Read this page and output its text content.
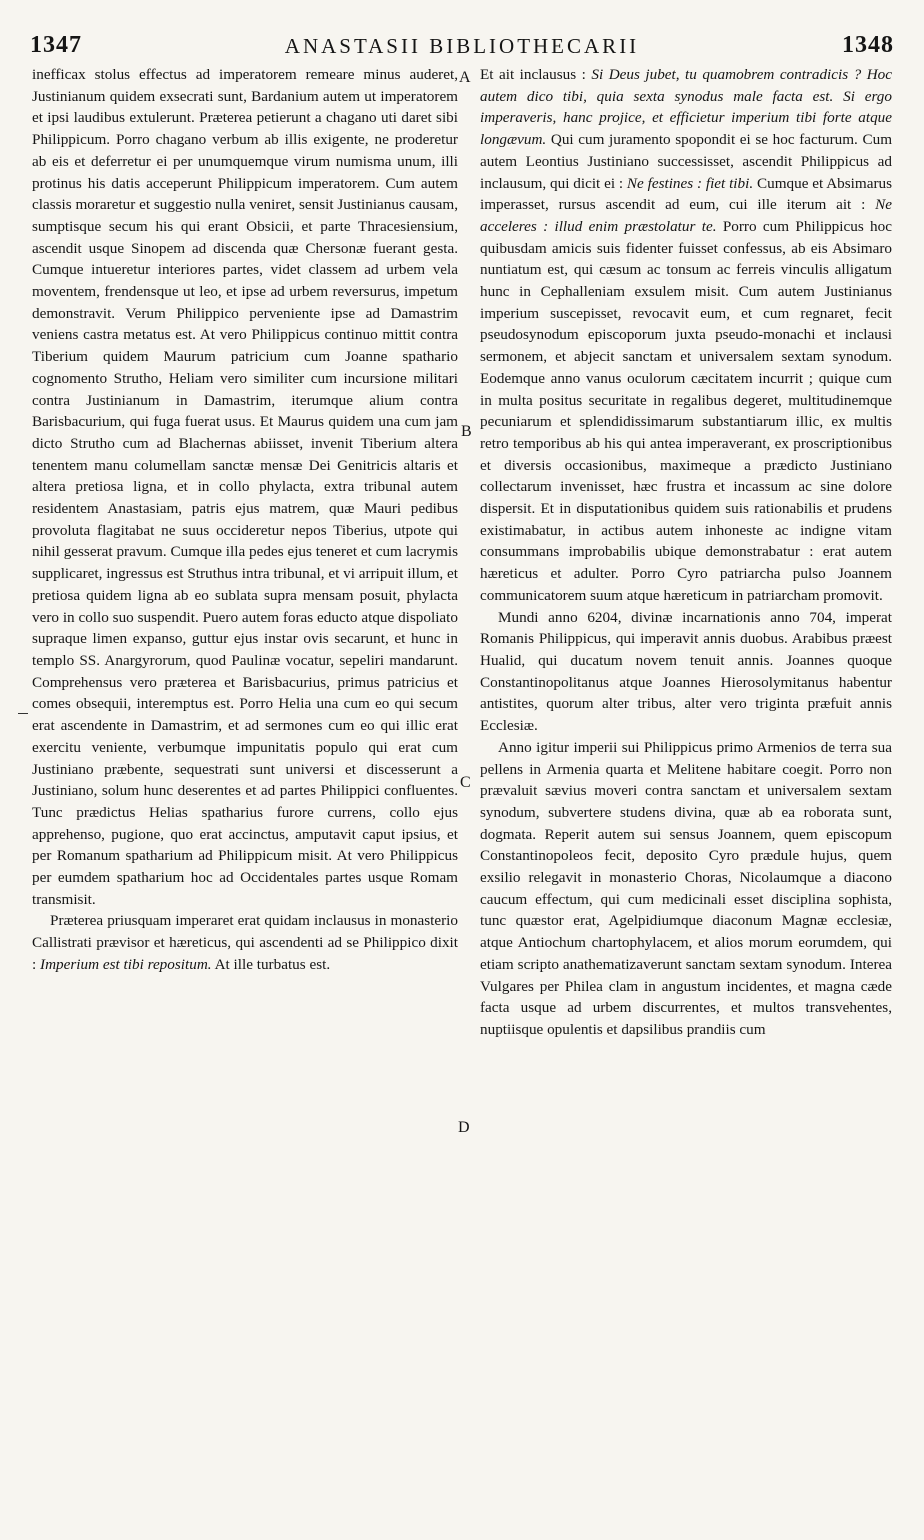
1347	ANASTASII BIBLIOTHECARII	1348

inefficax stolus effectus ad imperatorem remeare minus auderet, Justinianum quidem exsecrati sunt, Bardanium autem ut imperatorem et ipsi laudibus extulerunt. Præterea petierunt a chagano uti daret sibi Philippicum. Porro chagano verbum ab illis exigente, ne proderetur ab eis et deferretur ei per unumquemque virum numisma unum, illi protinus his datis acceperunt Philippicum imperatorem. Cum autem classis moraretur et suggestio nulla veniret, sensit Justinianus causam, sumptisque secum his qui erant Obsicii, et parte Thracesiensium, ascendit usque Sinopem ad discenda quæ Chersonæ fuerant gesta. Cumque intueretur interiores partes, videt classem ad urbem vela moventem, frendensque ut leo, et ipse ad urbem reversurus, impetum demonstravit. Verum Philippico perveniente ipse ad Damastrim veniens castra metatus est. At vero Philippicus continuo mittit contra Tiberium quidem Maurum patricium cum Joanne spathario cognomento Strutho, Heliam vero similiter cum incursione militari contra Justinianum in Damastrim, iterumque alium contra Barisbacurium, qui fuga fuerat usus. Et Maurus quidem una cum jam dicto Strutho cum ad Blachernas abiisset, invenit Tiberium altera tenentem manu columellam sanctæ mensæ Dei Genitricis altaris et altera pretiosa ligna, et in collo phylacta, extra tribunal autem residentem Anastasiam, patris ejus matrem, quæ Mauri pedibus provoluta flagitabat ne suus occideretur nepos Tiberius, utpote qui nihil gesserat pravum. Cumque illa pedes ejus teneret et cum lacrymis supplicaret, ingressus est Struthus intra tribunal, et vi arripuit illum, et pretiosa quidem ligna ab eo sublata supra mensam posuit, phylacta vero in collo suo suspendit. Puero autem foras educto atque dispoliato supraque limen expanso, guttur ejus instar ovis secarunt, et hunc in templo SS. Anargyrorum, quod Paulinæ vocatur, sepeliri mandarunt. Comprehensus vero præterea et Barisbacurius, primus patricius et comes obsequii, interemptus est. Porro Helia una cum eo qui secum erat ascendente in Damastrim, et ad sermones cum eo qui illic erat exercitu veniente, verbumque impunitatis populo qui erat cum Justiniano præbente, sequestrati sunt universi et discesserunt a Justiniano, solum hunc deserentes et ad partes Philippici confluentes. Tunc prædictus Helias spatharius furore currens, collo ejus apprehenso, pugione, quo erat accinctus, amputavit caput ipsius, et per Romanum spatharium ad Philippicum misit. At vero Philippicus per eumdem spatharium hoc ad Occidentales partes usque Romam transmisit.

Præterea priusquam imperaret erat quidam inclausus in monasterio Callistrati prævisor et hæreticus, qui ascendenti ad se Philippico dixit : Imperium est tibi repositum. At ille turbatus est.

Et ait inclausus : Si Deus jubet, tu quamobrem contradicis ? Hoc autem dico tibi, quia sexta synodus male facta est. Si ergo imperaveris, hanc projice, et efficietur imperium tibi forte atque longævum. Qui cum juramento spopondit ei se hoc facturum. Cum autem Leontius Justiniano successisset, ascendit Philippicus ad inclausum, qui dicit ei : Ne festines : fiet tibi. Cumque et Absimarus imperasset, rursus ascendit ad eum, cui ille iterum ait : Ne acceleres : illud enim præstolatur te. Porro cum Philippicus hoc quibusdam amicis suis fidenter fuisset confessus, ab eis Absimaro nuntiatum est, qui cæsum ac tonsum ac ferreis vinculis alligatum hunc in Cephalleniam exsulem misit. Cum autem Justinianus imperium suscepisset, revocavit eum, et cum regnaret, fecit pseudosynodum episcoporum juxta pseudo-monachi et inclausi sermonem, et abjecit sanctam et universalem sextam synodum. Eodemque anno vanus oculorum cæcitatem incurrit ; quique cum in multa positus securitate in regalibus degeret, multitudinemque pecuniarum et splendidissimarum substantiarum illic, ex multis retro temporibus ab his qui antea imperaverant, ex proscriptionibus et diversis occasionibus, maximeque a prædicto Justiniano collectarum invenisset, hæc frustra et incassum ac sine dolore dispersit. Et in disputationibus quidem suis rationabilis et prudens existimabatur, in actibus autem inhoneste ac indigne vitam consummans improbabilis ubique demonstrabatur : erat autem hæreticus et adulter. Porro Cyro patriarcha pulso Joannem communicatorem suum atque hæreticum in patriarcham promovit.

Mundi anno 6204, divinæ incarnationis anno 704, imperat Romanis Philippicus, qui imperavit annis duobus. Arabibus præest Hualid, qui ducatum novem tenuit annis. Joannes quoque Constantinopolitanus atque Joannes Hierosolymitanus habentur antistites, quorum alter tribus, alter vero triginta præfuit annis Ecclesiæ.

Anno igitur imperii sui Philippicus primo Armenios de terra sua pellens in Armenia quarta et Melitene habitare coegit. Porro non prævaluit sævius moveri contra sanctam et universalem sextam synodum, subvertere studens divina, quæ ab ea roborata sunt, dogmata. Reperit autem sui sensus Joannem, quem episcopum Constantinopoleos fecit, deposito Cyro prædule hujus, quem exsilio relegavit in monasterio Choras, Nicolaumque a diacono caucum effectum, qui cum medicinali esset disciplina sophista, tunc quæstor erat, Agelpidiumque diaconum Magnæ ecclesiæ, atque Antiochum chartophylacem, et alios morum eorumdem, qui etiam scripto anathematizaverunt sanctam sextam synodum. Interea Vulgares per Philea clam in angustum incidentes, et magna cæde facta usque ad urbem discurrentes, et multos transvehentes, nuptiisque opulentis et dapsilibus prandiis cum

A
B
C
D
